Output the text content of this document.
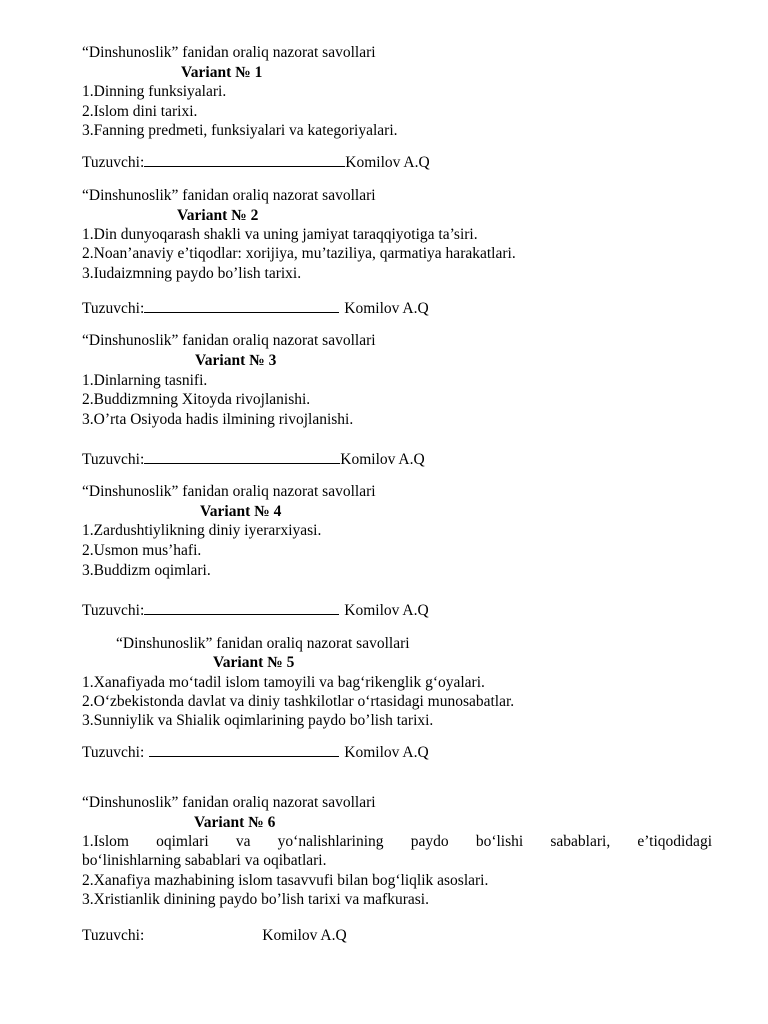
“Dinshunoslik” fanidan oraliq nazorat savollari
Variant № 1
1.Dinning funksiyalari.
2.Islom dini tarixi.
3.Fanning predmeti, funksiyalari va kategoriyalari.
Tuzuvchi:	Komilov A.Q
“Dinshunoslik” fanidan oraliq nazorat savollari
Variant № 2
1.Din dunyoqarash shakli va uning jamiyat taraqqiyotiga ta’siri.
2.Noan’anaviy e’tiqodlar: xorijiya, mu’taziliya, qarmatiya harakatlari.
3.Iudaizmning paydo bo’lish tarixi.
Tuzuvchi:	Komilov A.Q
“Dinshunoslik” fanidan oraliq nazorat savollari
Variant № 3
1.Dinlarning tasnifi.
2.Buddizmning Xitoyda rivojlanishi.
3.O’rta Osiyoda hadis ilmining rivojlanishi.
Tuzuvchi:	Komilov A.Q
“Dinshunoslik” fanidan oraliq nazorat savollari
Variant № 4
1.Zardushtiylikning diniy iyerarxiyasi.
2.Usmon mus’hafi.
3.Buddizm oqimlari.
Tuzuvchi:	Komilov A.Q
“Dinshunoslik” fanidan oraliq nazorat savollari
Variant № 5
1.Xanafiyada mo‘tadil islom tamoyili va bag‘rikenglik g‘oyalari.
2.O‘zbekistonda davlat va diniy tashkilotlar o‘rtasidagi munosabatlar.
3.Sunniylik va Shialik oqimlarining paydo bo’lish tarixi.
Tuzuvchi:	Komilov A.Q
“Dinshunoslik” fanidan oraliq nazorat savollari
Variant № 6
1.Islom oqimlari va yo‘nalishlarining paydo bo‘lishi sabablari, e’tiqodidagi
bo‘linishlarning sabablari va oqibatlari.
2.Xanafiya mazhabining islom tasavvufi bilan bog‘liqlik asoslari.
3.Xristianlik dinining paydo bo’lish tarixi va mafkurasi.
Tuzuvchi:	Komilov A.Q
